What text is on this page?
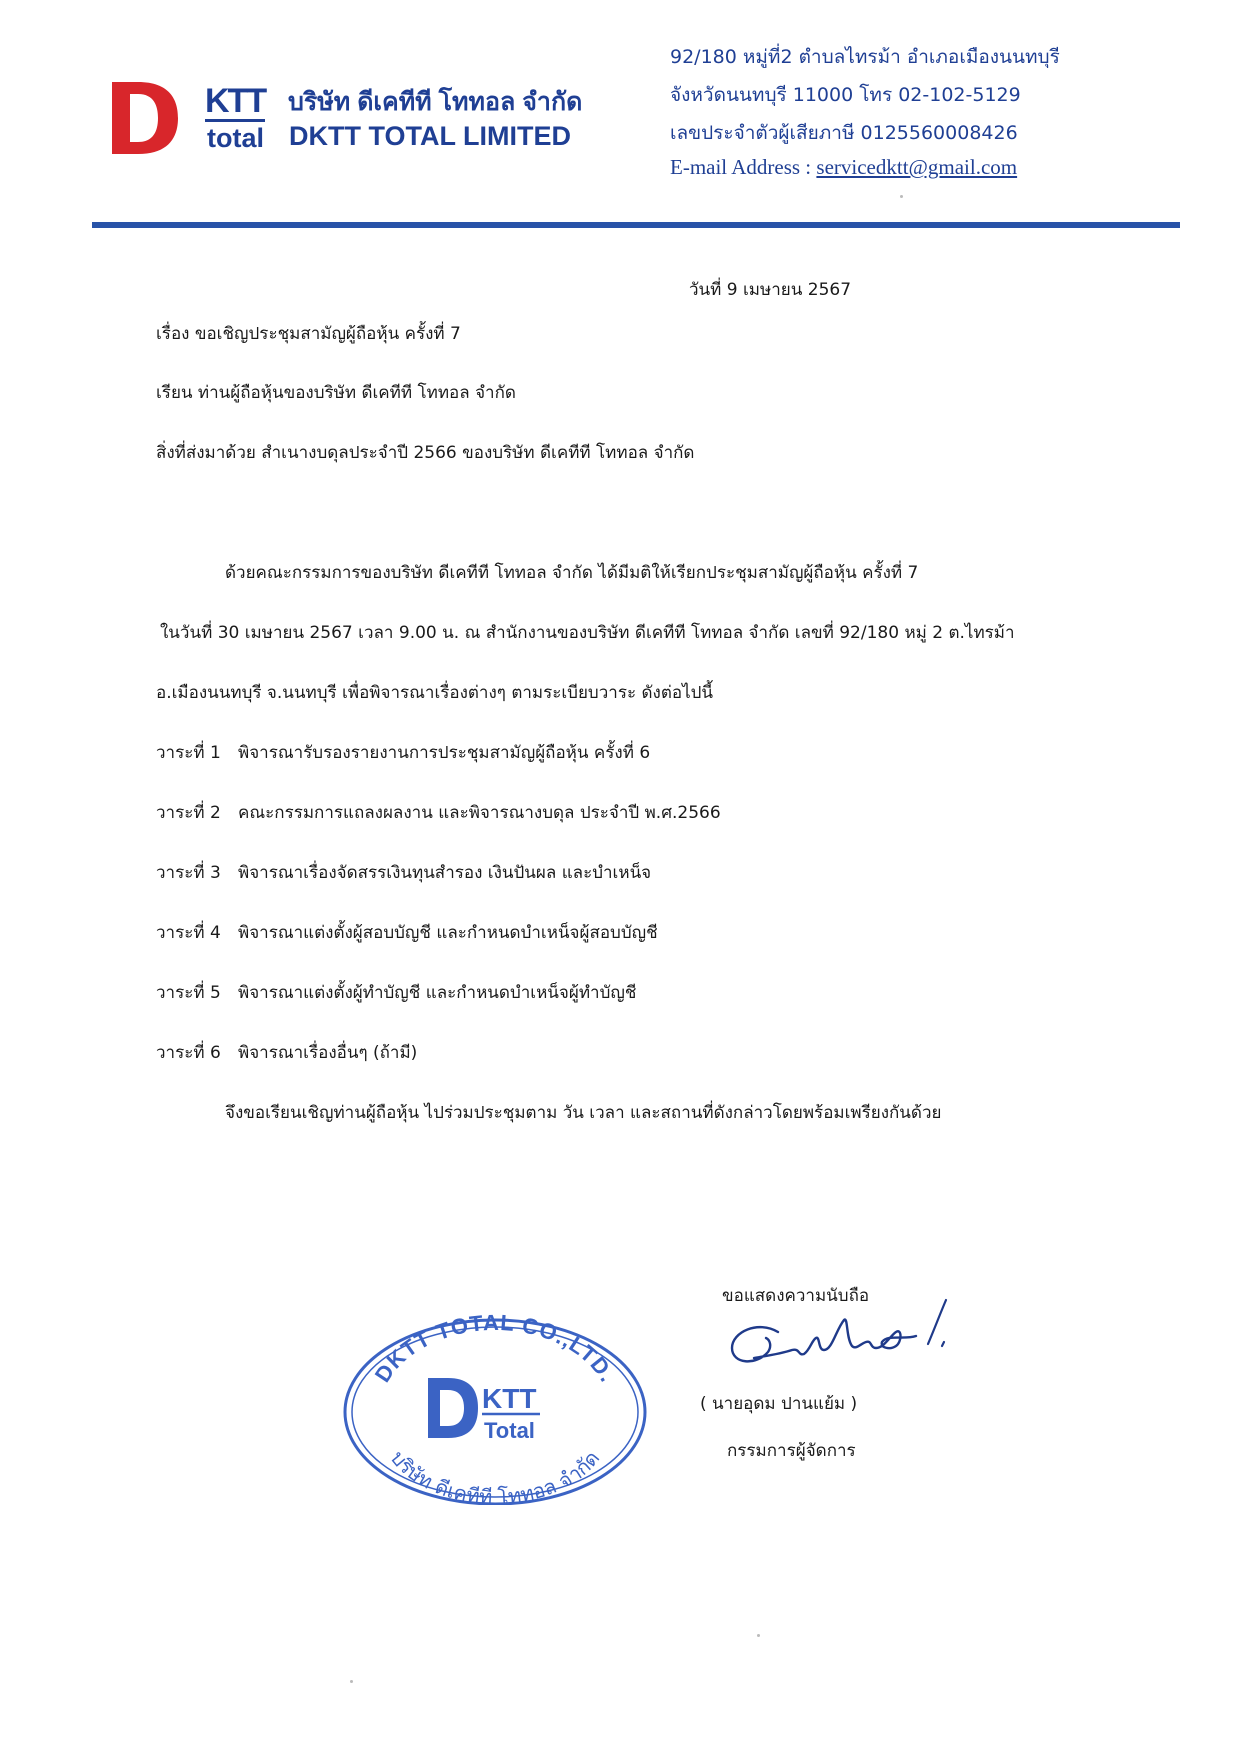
KTT
total
บริษัท ดีเคทีที โททอล จำกัด
DKTT TOTAL LIMITED
92/180 หมู่ที่2 ตำบลไทรม้า อำเภอเมืองนนทบุรี
จังหวัดนนทบุรี 11000 โทร 02-102-5129
เลขประจำตัวผู้เสียภาษี 0125560008426
E-mail Address : servicedktt@gmail.com
วันที่ 9 เมษายน 2567
เรื่อง ขอเชิญประชุมสามัญผู้ถือหุ้น ครั้งที่ 7
เรียน ท่านผู้ถือหุ้นของบริษัท ดีเคทีที โททอล จำกัด
สิ่งที่ส่งมาด้วย สำเนางบดุลประจำปี 2566 ของบริษัท ดีเคทีที โททอล จำกัด
ด้วยคณะกรรมการของบริษัท ดีเคทีที โททอล จำกัด ได้มีมติให้เรียกประชุมสามัญผู้ถือหุ้น ครั้งที่ 7
ในวันที่ 30 เมษายน 2567 เวลา 9.00 น. ณ สำนักงานของบริษัท ดีเคทีที โททอล จำกัด เลขที่ 92/180 หมู่ 2 ต.ไทรม้า
อ.เมืองนนทบุรี จ.นนทบุรี เพื่อพิจารณาเรื่องต่างๆ ตามระเบียบวาระ ดังต่อไปนี้
วาระที่ 1 พิจารณารับรองรายงานการประชุมสามัญผู้ถือหุ้น ครั้งที่ 6
วาระที่ 2 คณะกรรมการแถลงผลงาน และพิจารณางบดุล ประจำปี พ.ศ.2566
วาระที่ 3 พิจารณาเรื่องจัดสรรเงินทุนสำรอง เงินปันผล และบำเหน็จ
วาระที่ 4 พิจารณาแต่งตั้งผู้สอบบัญชี และกำหนดบำเหน็จผู้สอบบัญชี
วาระที่ 5 พิจารณาแต่งตั้งผู้ทำบัญชี และกำหนดบำเหน็จผู้ทำบัญชี
วาระที่ 6 พิจารณาเรื่องอื่นๆ (ถ้ามี)
จึงขอเรียนเชิญท่านผู้ถือหุ้น ไปร่วมประชุมตาม วัน เวลา และสถานที่ดังกล่าวโดยพร้อมเพรียงกันด้วย
ขอแสดงความนับถือ
( นายอุดม ปานแย้ม )
กรรมการผู้จัดการ
DKTT TOTAL CO.,LTD.
บริษัท ดีเคทีที โททอล จำกัด
KTT
Total
